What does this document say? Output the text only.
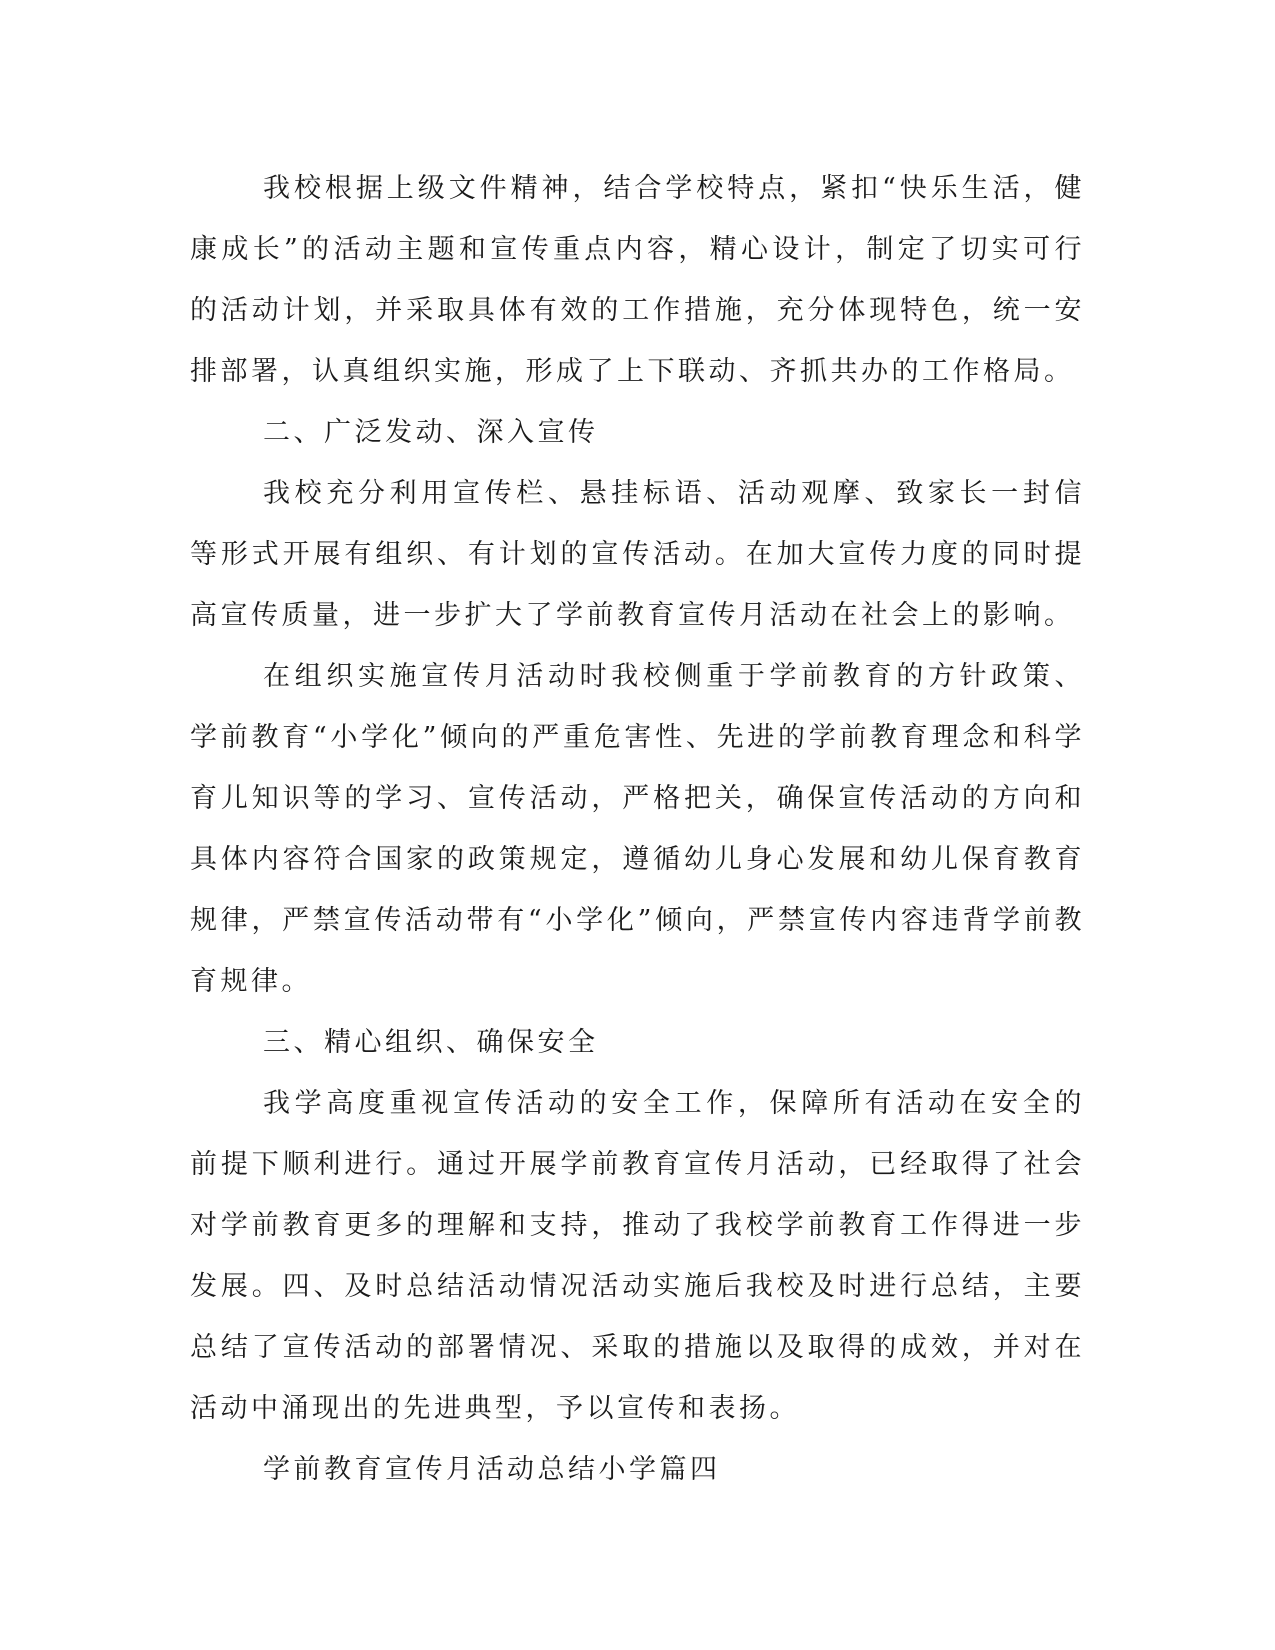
我校根据上级文件精神，结合学校特点，紧扣“快乐生活，健康成长”的活动主题和宣传重点内容，精心设计，制定了切实可行的活动计划，并采取具体有效的工作措施，充分体现特色，统一安排部署，认真组织实施，形成了上下联动、齐抓共办的工作格局。

二、广泛发动、深入宣传

我校充分利用宣传栏、悬挂标语、活动观摩、致家长一封信等形式开展有组织、有计划的宣传活动。在加大宣传力度的同时提高宣传质量，进一步扩大了学前教育宣传月活动在社会上的影响。

在组织实施宣传月活动时我校侧重于学前教育的方针政策、学前教育“小学化”倾向的严重危害性、先进的学前教育理念和科学育儿知识等的学习、宣传活动，严格把关，确保宣传活动的方向和具体内容符合国家的政策规定，遵循幼儿身心发展和幼儿保育教育规律，严禁宣传活动带有“小学化”倾向，严禁宣传内容违背学前教育规律。

三、精心组织、确保安全

我学高度重视宣传活动的安全工作，保障所有活动在安全的前提下顺利进行。通过开展学前教育宣传月活动，已经取得了社会对学前教育更多的理解和支持，推动了我校学前教育工作得进一步发展。四、及时总结活动情况活动实施后我校及时进行总结，主要总结了宣传活动的部署情况、采取的措施以及取得的成效，并对在活动中涌现出的先进典型，予以宣传和表扬。

学前教育宣传月活动总结小学篇四
